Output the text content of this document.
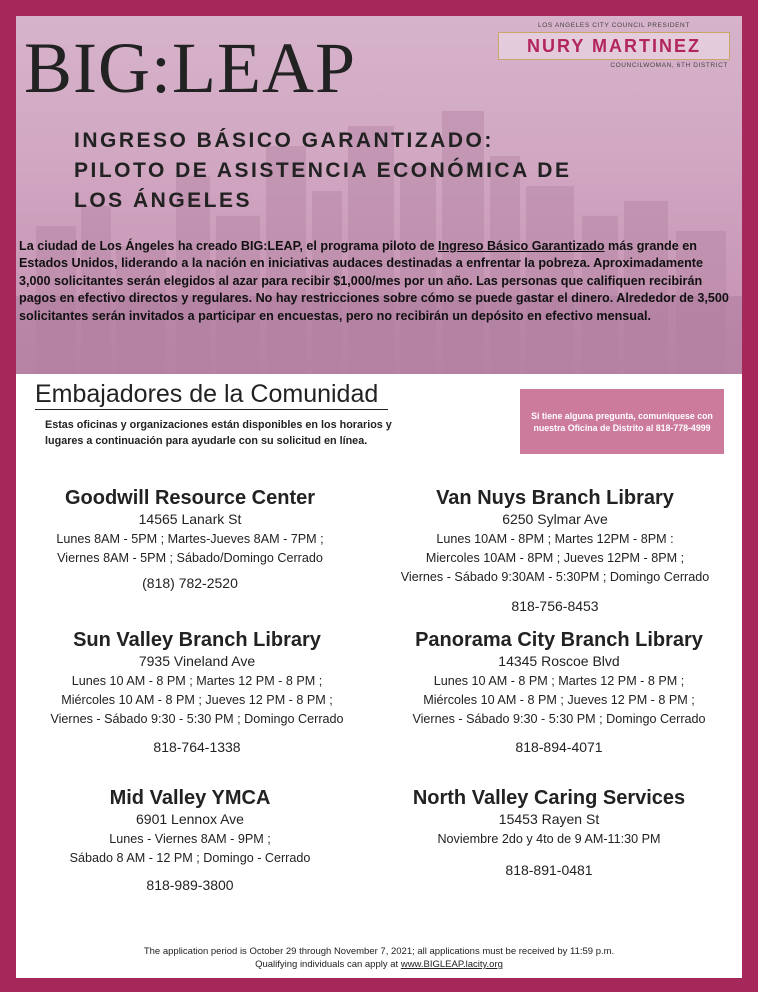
BIG:LEAP
LOS ANGELES CITY COUNCIL PRESIDENT
NURY MARTINEZ
COUNCILWOMAN, 6TH DISTRICT
INGRESO BÁSICO GARANTIZADO:
PILOTO DE ASISTENCIA ECONÓMICA DE
LOS ÁNGELES
La ciudad de Los Ángeles ha creado BIG:LEAP, el programa piloto de Ingreso Básico Garantizado más grande en Estados Unidos, liderando a la nación en iniciativas audaces destinadas a enfrentar la pobreza. Aproximadamente 3,000 solicitantes serán elegidos al azar para recibir $1,000/mes por un año. Las personas que califiquen recibirán pagos en efectivo directos y regulares. No hay restricciones sobre cómo se puede gastar el dinero. Alrededor de 3,500 solicitantes serán invitados a participar en encuestas, pero no recibirán un depósito en efectivo mensual.
Embajadores de la Comunidad
Estas oficinas y organizaciones están disponibles en los horarios y lugares a continuación para ayudarle con su solicitud en línea.
Si tiene alguna pregunta, comuníquese con nuestra Oficina de Distrito al 818-778-4999
Goodwill Resource Center
14565 Lanark St
Lunes 8AM - 5PM ; Martes-Jueves 8AM - 7PM ;
Viernes 8AM - 5PM ; Sábado/Domingo Cerrado
(818) 782-2520
Van Nuys Branch Library
6250 Sylmar Ave
Lunes 10AM - 8PM ; Martes 12PM - 8PM :
Miercoles 10AM - 8PM ; Jueves 12PM - 8PM ;
Viernes - Sábado 9:30AM - 5:30PM ; Domingo Cerrado
818-756-8453
Sun Valley Branch Library
7935 Vineland Ave
Lunes 10 AM - 8 PM ; Martes 12 PM - 8 PM ;
Miércoles 10 AM - 8 PM ; Jueves 12 PM - 8 PM ;
Viernes - Sábado 9:30 - 5:30 PM ; Domingo Cerrado
818-764-1338
Panorama City Branch Library
14345 Roscoe Blvd
Lunes 10 AM - 8 PM ; Martes 12 PM - 8 PM ;
Miércoles 10 AM - 8 PM ; Jueves 12 PM - 8 PM ;
Viernes - Sábado 9:30 - 5:30 PM ; Domingo Cerrado
818-894-4071
Mid Valley YMCA
6901 Lennox Ave
Lunes - Viernes 8AM - 9PM ;
Sábado 8 AM - 12 PM ; Domingo - Cerrado
818-989-3800
North Valley Caring Services
15453 Rayen St
Noviembre 2do y 4to de 9 AM-11:30 PM
818-891-0481
The application period is October 29 through November 7, 2021; all applications must be received by 11:59 p.m.
Qualifying individuals can apply at www.BIGLEAP.lacity.org
